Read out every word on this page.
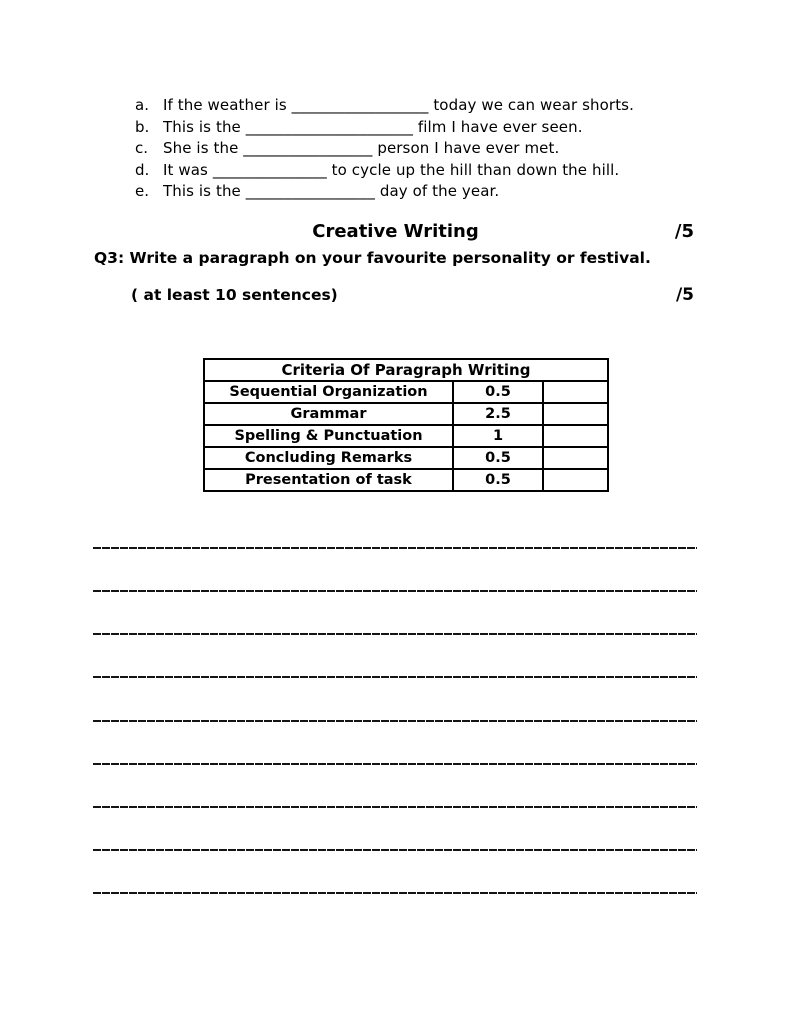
a. If the weather is __________________ today we can wear shorts.
b. This is the ______________________ film I have ever seen.
c. She is the _________________ person I have ever met.
d. It was _______________ to cycle up the hill than down the hill.
e. This is the _________________ day of the year.
Creative Writing	/5
Q3: Write a paragraph on your favourite personality or festival.
( at least 10 sentences)	/5
Criteria Of Paragraph Writing		
Sequential Organization	0.5	
Grammar	2.5	
Spelling & Punctuation	1	
Concluding Remarks	0.5	
Presentation of task	0.5	
